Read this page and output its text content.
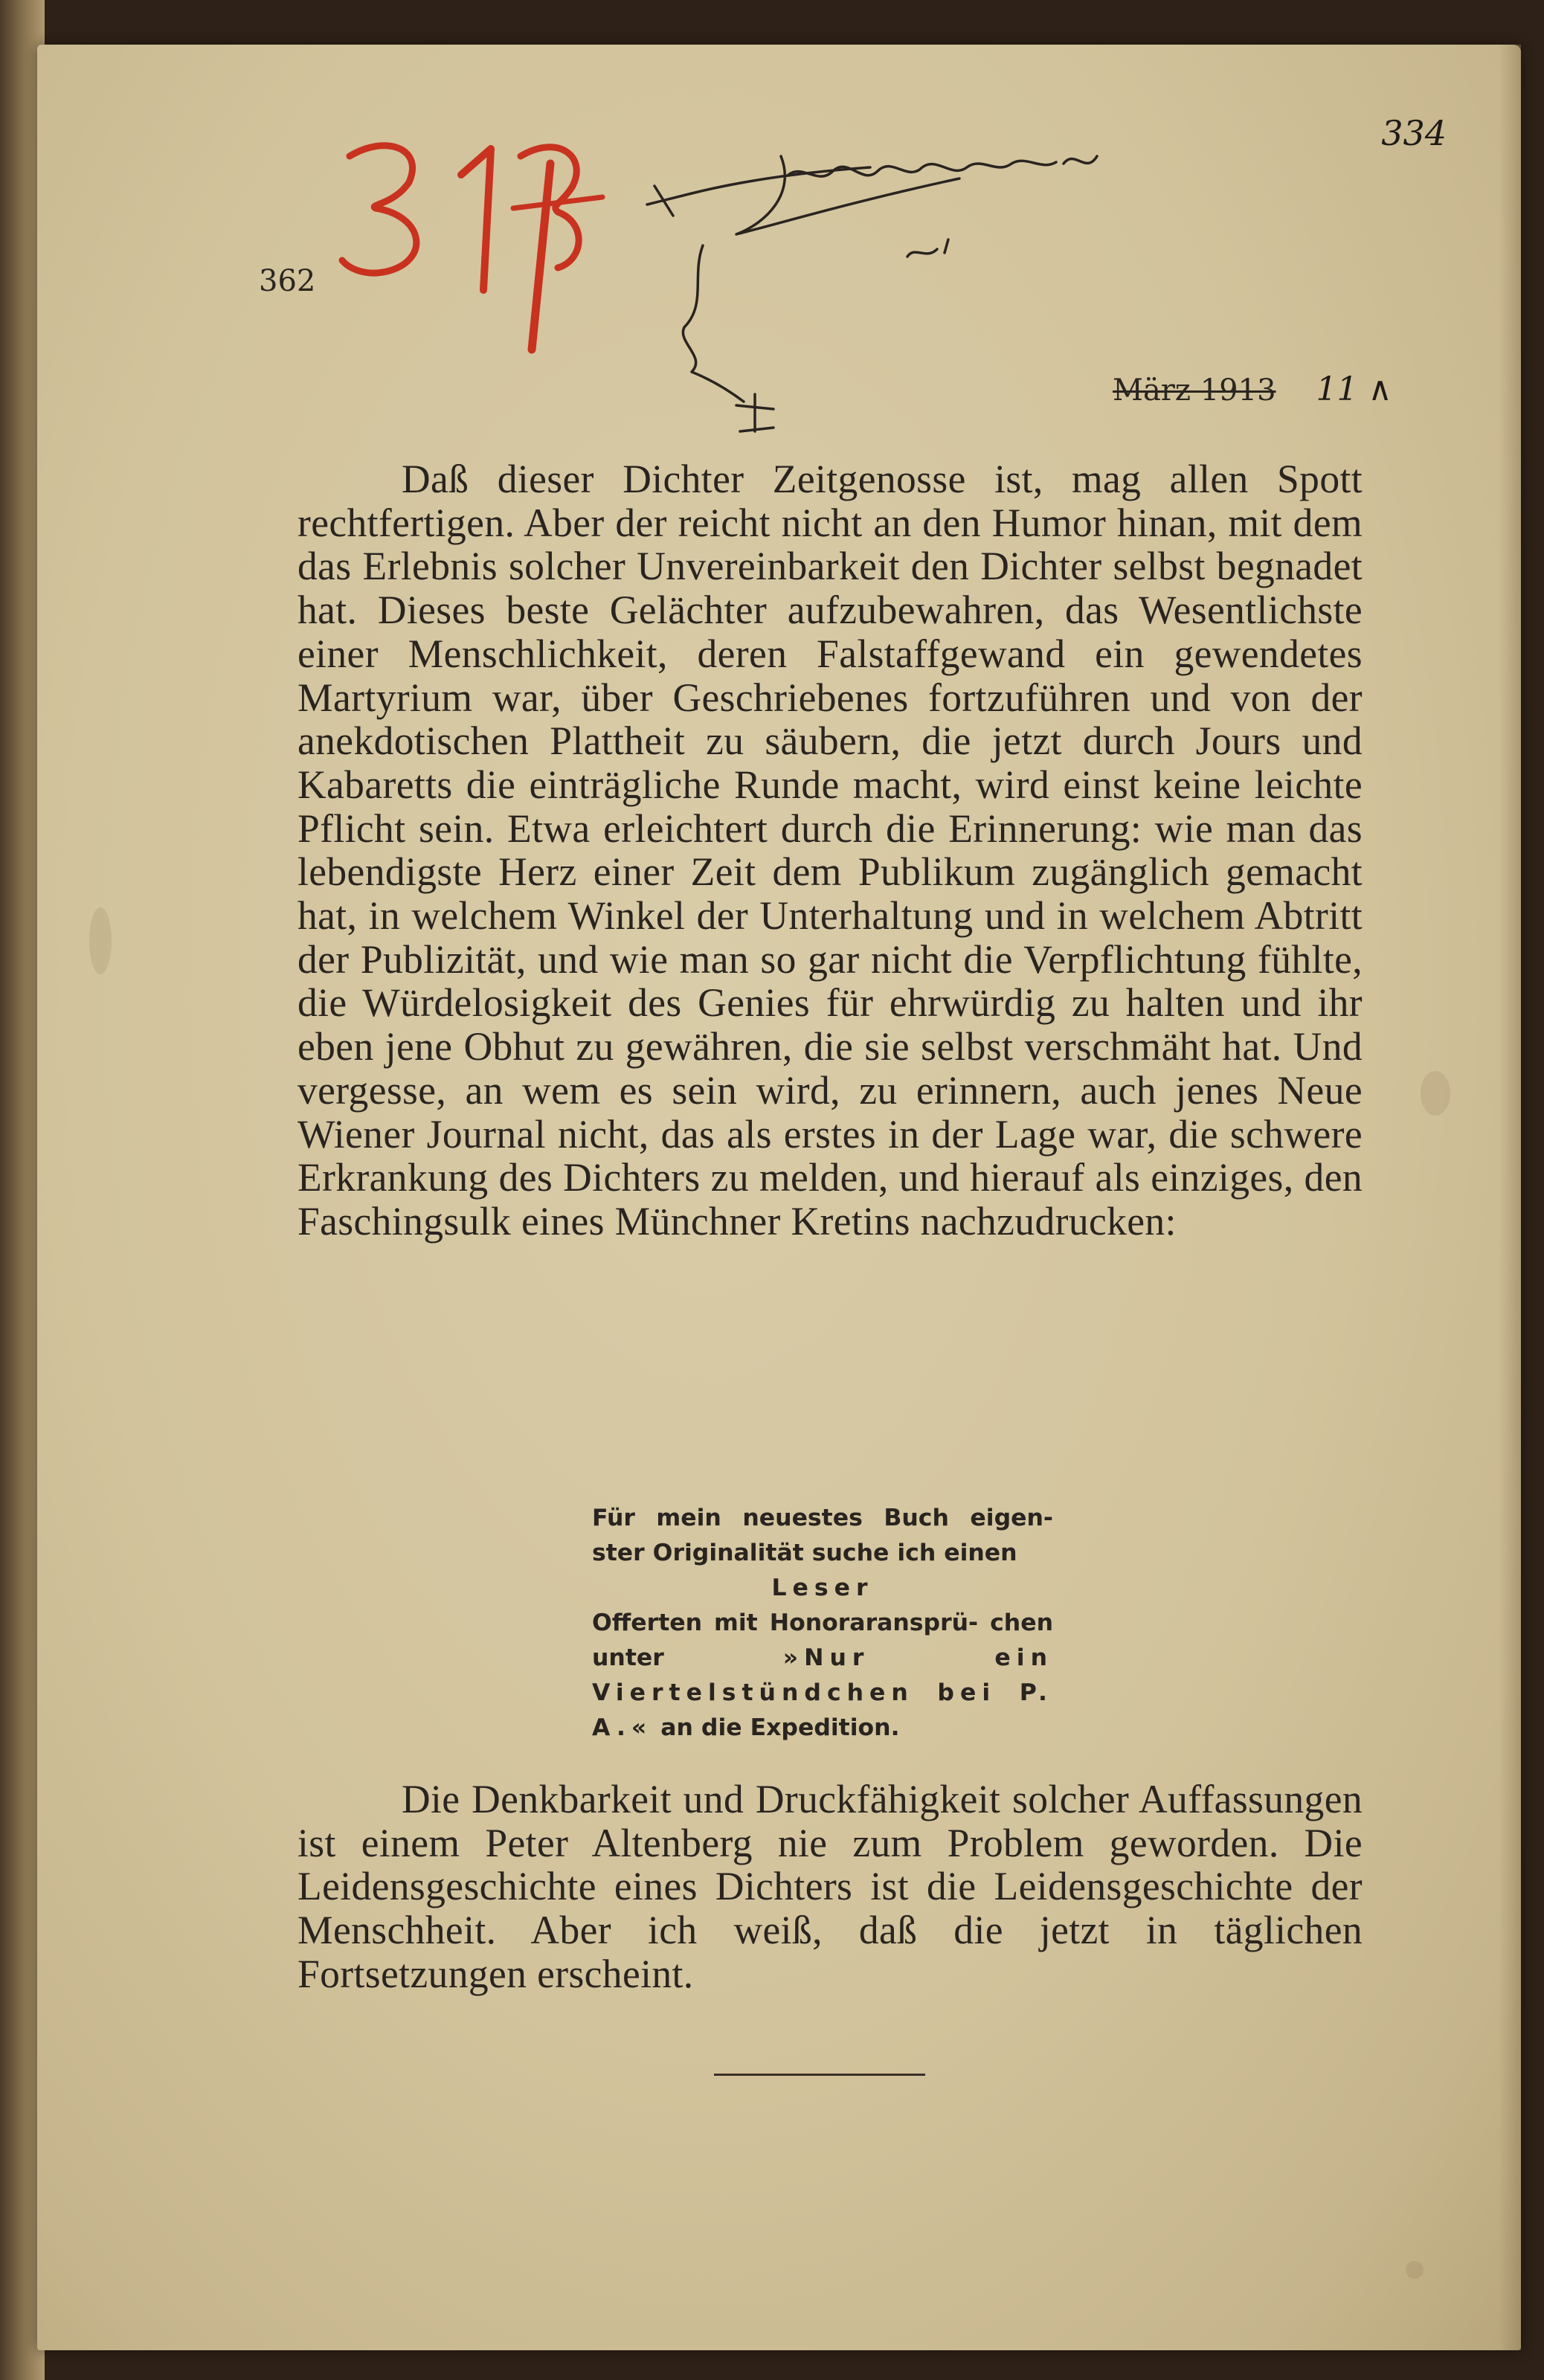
362

334

März 1913 11 ∧

Daß dieser Dichter Zeitgenosse ist, mag allen Spott rechtfertigen. Aber der reicht nicht an den Humor hinan, mit dem das Erlebnis solcher Unvereinbarkeit den Dichter selbst begnadet hat. Dieses beste Gelächter aufzubewahren, das Wesentlichste einer Menschlichkeit, deren Falstaffgewand ein gewendetes Martyrium war, über Geschriebenes fortzuführen und von der anekdotischen Plattheit zu säubern, die jetzt durch Jours und Kabaretts die einträgliche Runde macht, wird einst keine leichte Pflicht sein. Etwa erleichtert durch die Erinnerung: wie man das lebendigste Herz einer Zeit dem Publikum zugänglich gemacht hat, in welchem Winkel der Unterhaltung und in welchem Abtritt der Publizität, und wie man so gar nicht die Verpflichtung fühlte, die Würdelosigkeit des Genies für ehrwürdig zu halten und ihr eben jene Obhut zu gewähren, die sie selbst verschmäht hat. Und vergesse, an wem es sein wird, zu erinnern, auch jenes Neue Wiener Journal nicht, das als erstes in der Lage war, die schwere Erkrankung des Dichters zu melden, und hierauf als einziges, den Faschingsulk eines Münchner Kretins nachzudrucken:

Für mein neuestes Buch eigen- ster Originalität suche ich einen
Leser
Offerten mit Honoraransprü- chen unter	»Nur ein Viertelstündchen bei P. A.« an die Expedition.

Die Denkbarkeit und Druckfähigkeit solcher Auffassungen ist einem Peter Altenberg nie zum Problem geworden. Die Leidensgeschichte eines Dichters ist die Leidensgeschichte der Menschheit. Aber ich weiß, daß die jetzt in täglichen Fortsetzungen erscheint.
